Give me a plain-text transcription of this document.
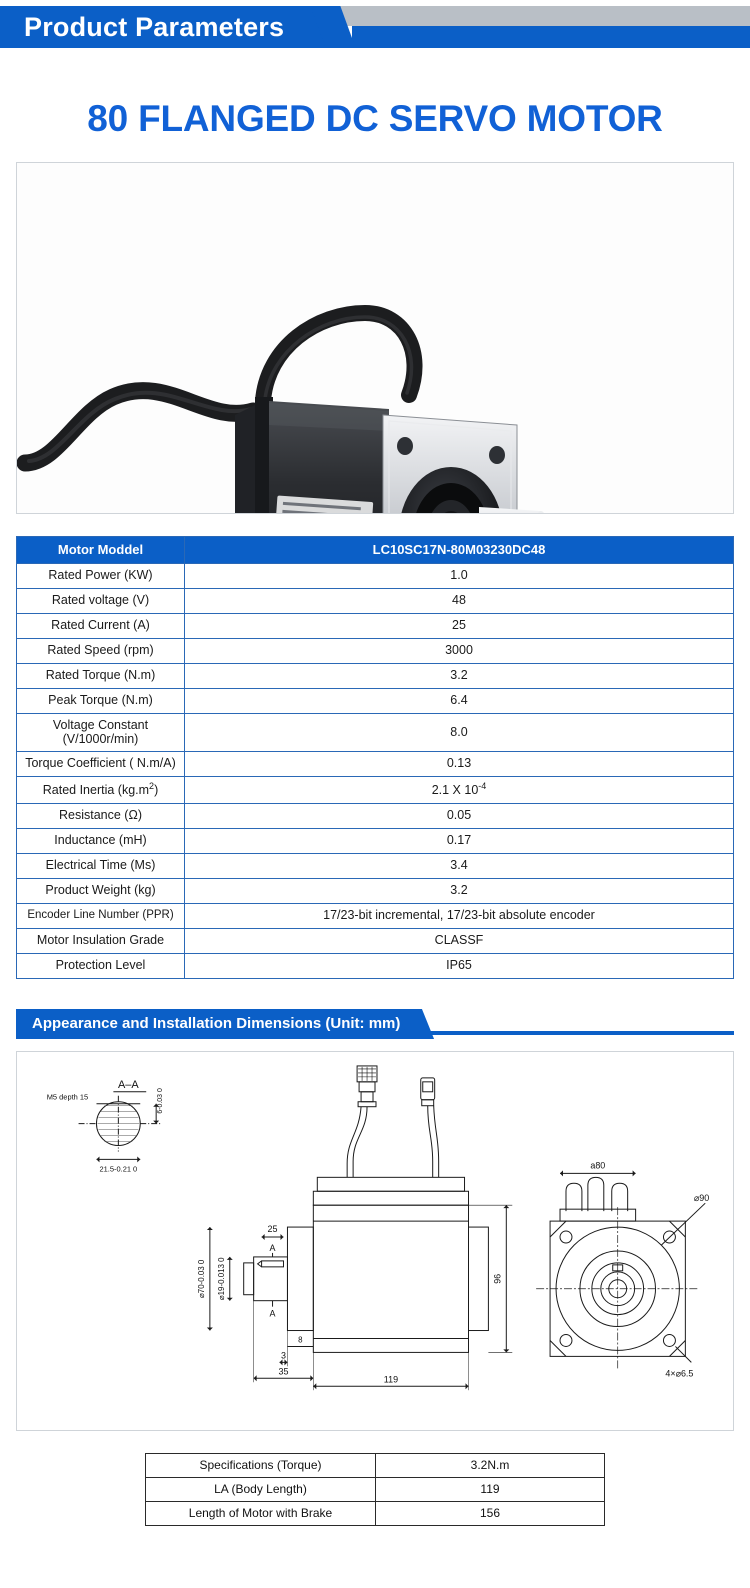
Product Parameters
80 FLANGED DC SERVO MOTOR
Motor Moddel	LC10SC17N-80M03230DC48
Rated Power (KW)	1.0
Rated voltage (V)	48
Rated Current (A)	25
Rated Speed (rpm)	3000
Rated Torque (N.m)	3.2
Peak Torque (N.m)	6.4
Voltage Constant
(V/1000r/min)	8.0
Torque Coefficient ( N.m/A)	0.13
Rated Inertia $(kg.m^2)$	2.1 X $10^{-4}$
Resistance (Ω)	0.05
Inductance (mH)	0.17
Electrical Time (Ms)	3.4
Product Weight (kg)	3.2
Encoder Line Number (PPR)	17/23-bit incremental, 17/23-bit absolute encoder
Motor Insulation Grade	CLASSF
Protection Level	IP65
Appearance and Installation Dimensions (Unit: mm)
A–A
M5 depth 15	6-0.03 0
21.5-0.21 0
25
A
A
⌀19-0.013 0
⌀70-0.03 0	96
8
3
35
119
a80
⌀90
4×⌀6.5
Specifications (Torque)	3.2N.m
LA (Body Length)	119
Length of Motor with Brake	156
